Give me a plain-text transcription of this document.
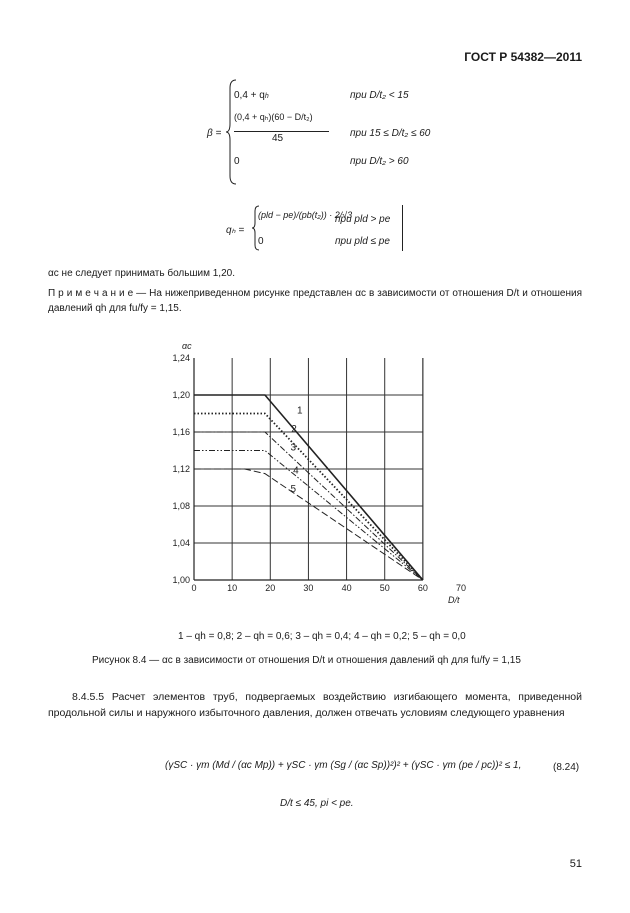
ГОСТ Р 54382—2011
β =
0,4 + qh	при D/t₂ < 15
(0,4 + qₕ)(60 − D/t₂)
45	при 15 ≤ D/t₂ ≤ 60
0	при D/t₂ > 60
qₕ =
(pld − pe)/(pb(t₂)) · 2/√3
при pld > pe
0	при pld ≤ pe
αc не следует принимать большим 1,20.
П р и м е ч а н и е — На нижеприведенном рисунке представлен αc в зависимости от отношения D/t и отношения давлений qh для fu/fy = 1,15.
0	10	20	30	40	50	60	70
1,00
1,04
1,08
1,12
1,16
1,20
1,24
1
2
3
4
5
αc
D/t
1 – qh = 0,8; 2 – qh = 0,6; 3 – qh = 0,4; 4 – qh = 0,2; 5 – qh = 0,0
Рисунок 8.4 — αc в зависимости от отношения D/t и отношения давлений qh для fu/fy = 1,15
8.4.5.5 Расчет элементов труб, подвергаемых воздействию изгибающего момента, приведенной продольной силы и наружного избыточного давления, должен отвечать условиям следующего уравнения
(γSC · γm (Md / (αc Mp)) + γSC · γm (Sg / (αc Sp))²)² + (γSC · γm (pe / pc))² ≤ 1,	(8.24)
D/t ≤ 45, pi < pe.
51
